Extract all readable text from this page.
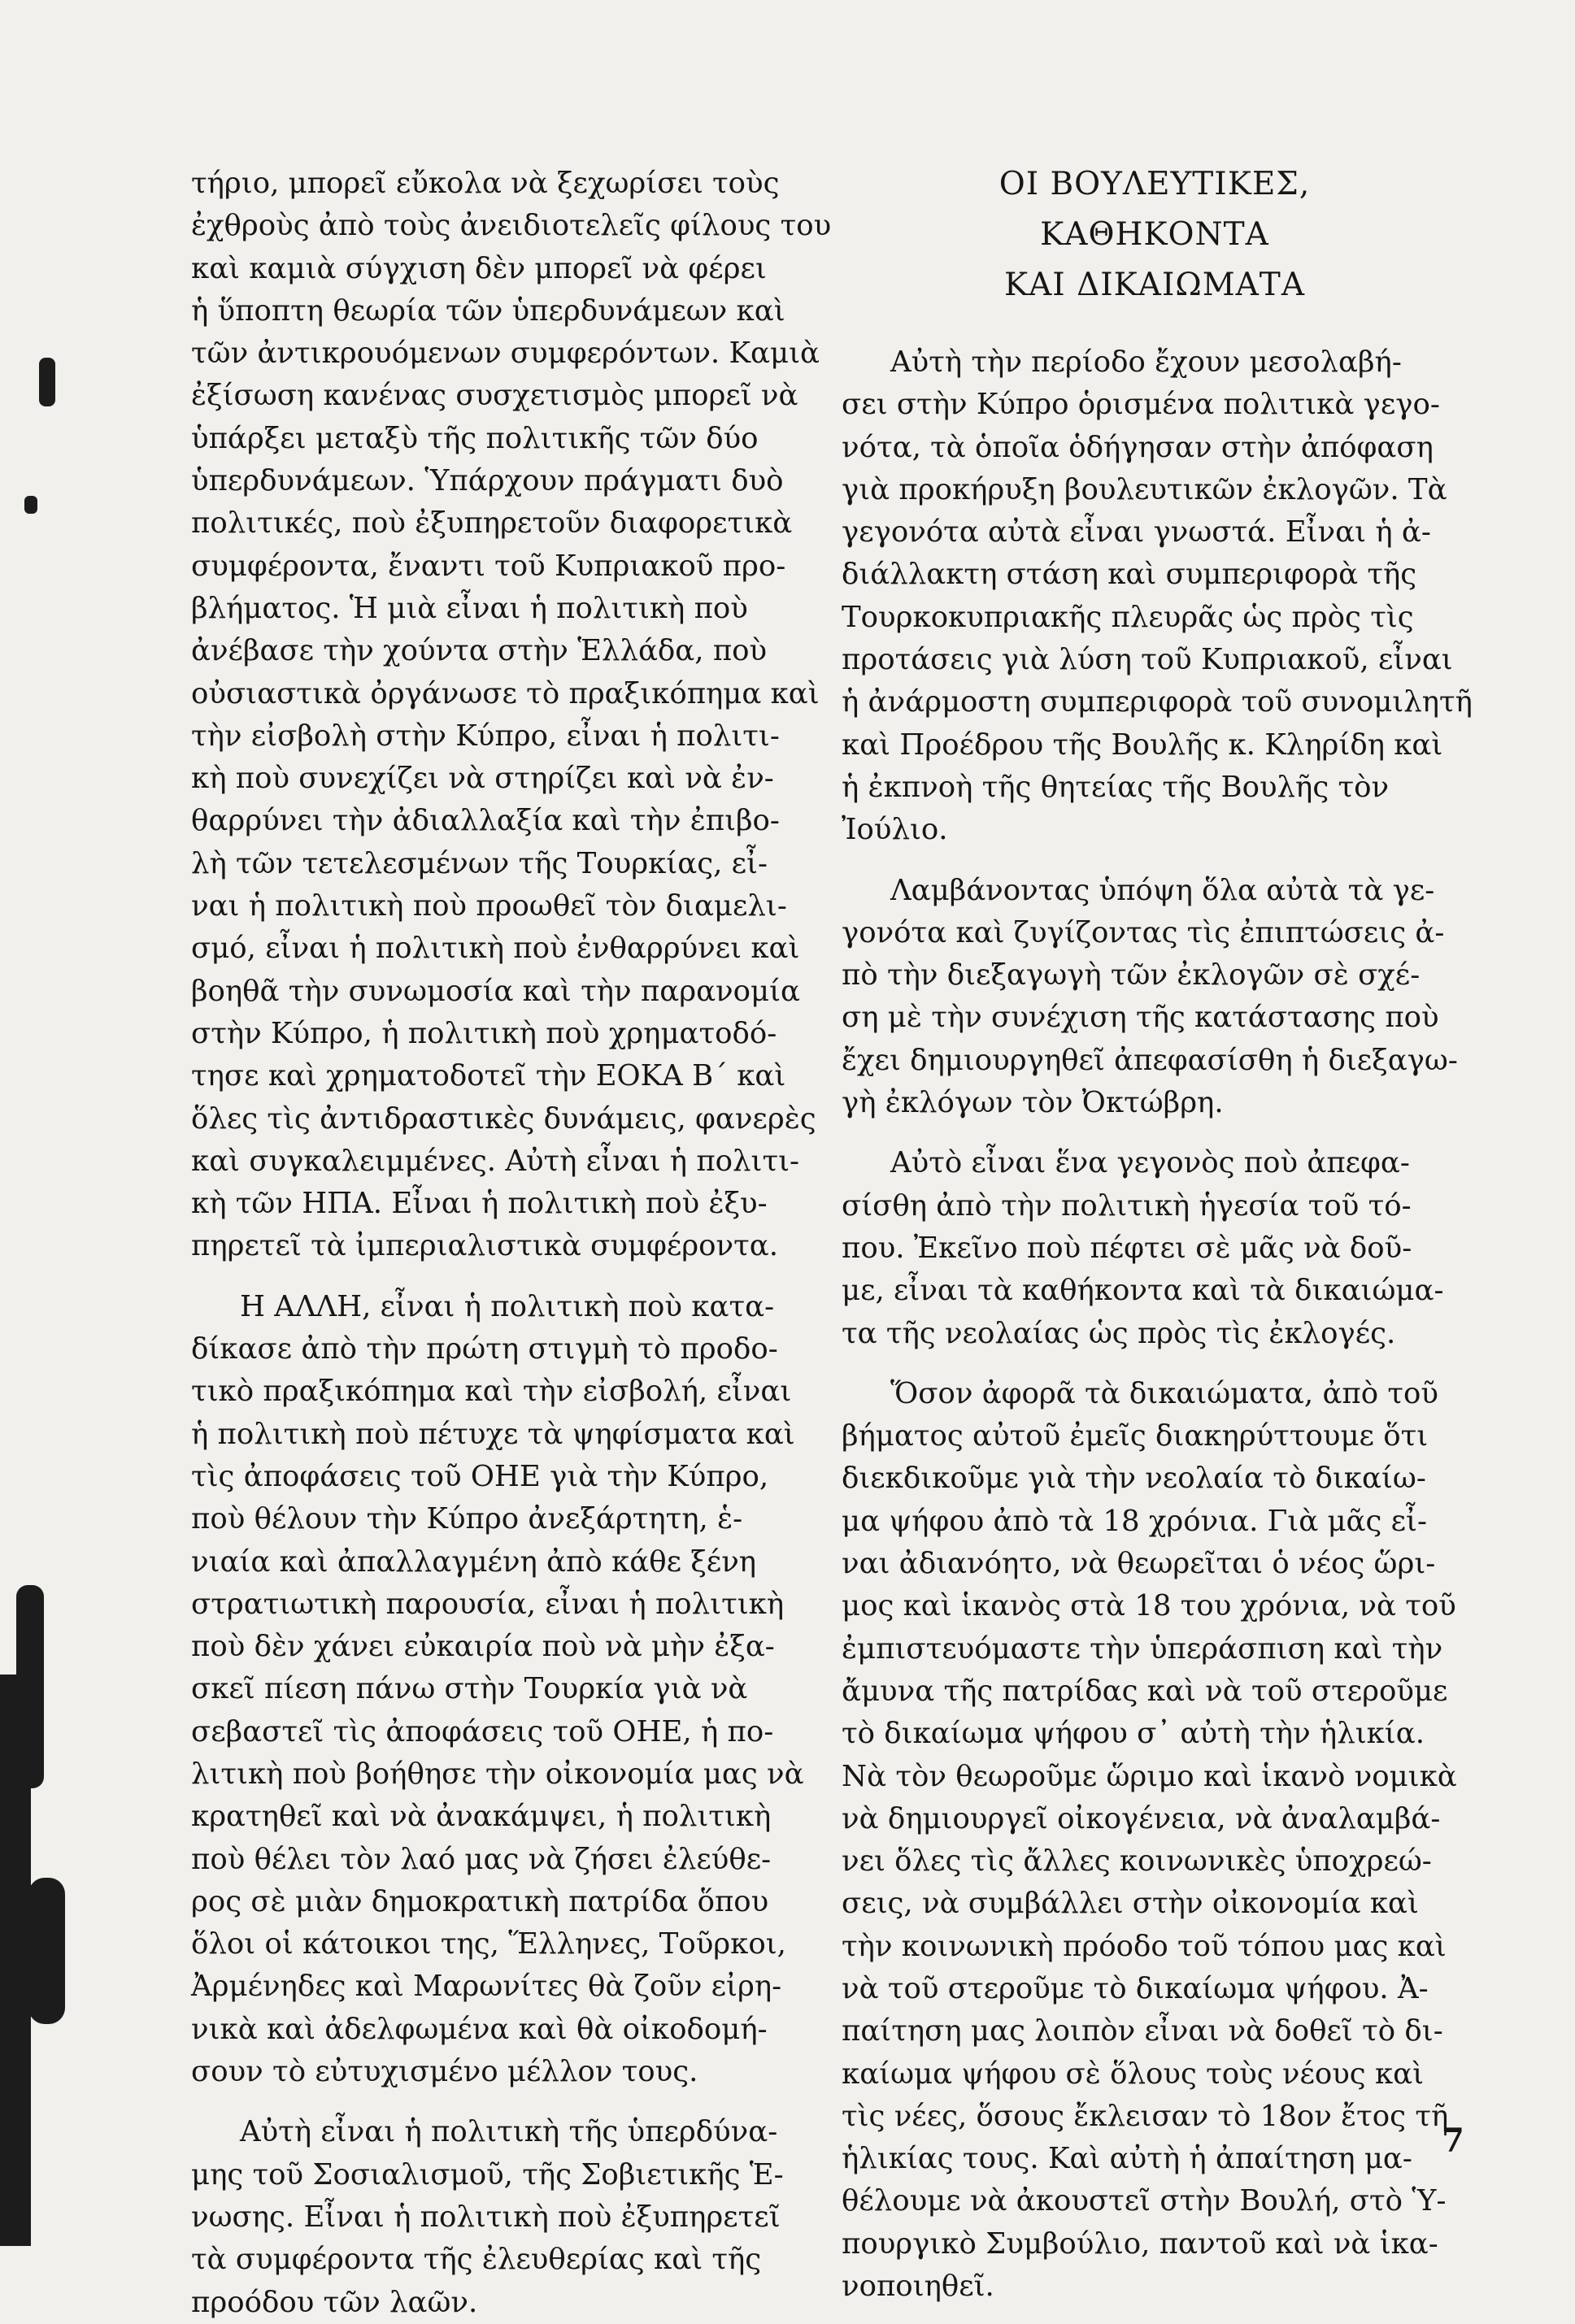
τήριο, μπορεῖ εὔκολα νὰ ξεχωρίσει τοὺς
ἐχθροὺς ἀπὸ τοὺς ἀνειδιοτελεῖς φίλους του
καὶ καμιὰ σύγχιση δὲν μπορεῖ νὰ φέρει
ἡ ὕποπτη θεωρία τῶν ὑπερδυνάμεων καὶ
τῶν ἀντικρουόμενων συμφερόντων. Καμιὰ
ἐξίσωση κανένας συσχετισμὸς μπορεῖ νὰ
ὑπάρξει μεταξὺ τῆς πολιτικῆς τῶν δύο
ὑπερδυνάμεων. Ὑπάρχουν πράγματι δυὸ
πολιτικές, ποὺ ἐξυπηρετοῦν διαφορετικὰ
συμφέροντα, ἔναντι τοῦ Κυπριακοῦ προ-
βλήματος. Ἡ μιὰ εἶναι ἡ πολιτικὴ ποὺ
ἀνέβασε τὴν χούντα στὴν Ἑλλάδα, ποὺ
οὐσιαστικὰ ὀργάνωσε τὸ πραξικόπημα καὶ
τὴν εἰσβολὴ στὴν Κύπρο, εἶναι ἡ πολιτι-
κὴ ποὺ συνεχίζει νὰ στηρίζει καὶ νὰ ἐν-
θαρρύνει τὴν ἀδιαλλαξία καὶ τὴν ἐπιβο-
λὴ τῶν τετελεσμένων τῆς Τουρκίας, εἶ-
ναι ἡ πολιτικὴ ποὺ προωθεῖ τὸν διαμελι-
σμό, εἶναι ἡ πολιτικὴ ποὺ ἐνθαρρύνει καὶ
βοηθᾶ τὴν συνωμοσία καὶ τὴν παρανομία
στὴν Κύπρο, ἡ πολιτικὴ ποὺ χρηματοδό-
τησε καὶ χρηματοδοτεῖ τὴν ΕΟΚΑ Β΄ καὶ
ὅλες τὶς ἀντιδραστικὲς δυνάμεις, φανερὲς
καὶ συγκαλειμμένες. Αὐτὴ εἶναι ἡ πολιτι-
κὴ τῶν ΗΠΑ. Εἶναι ἡ πολιτικὴ ποὺ ἐξυ-
πηρετεῖ τὰ ἰμπεριαλιστικὰ συμφέροντα.
Η ΑΛΛΗ, εἶναι ἡ πολιτικὴ ποὺ κατα-
δίκασε ἀπὸ τὴν πρώτη στιγμὴ τὸ προδο-
τικὸ πραξικόπημα καὶ τὴν εἰσβολή, εἶναι
ἡ πολιτικὴ ποὺ πέτυχε τὰ ψηφίσματα καὶ
τὶς ἀποφάσεις τοῦ ΟΗΕ γιὰ τὴν Κύπρο,
ποὺ θέλουν τὴν Κύπρο ἀνεξάρτητη, ἑ-
νιαία καὶ ἀπαλλαγμένη ἀπὸ κάθε ξένη
στρατιωτικὴ παρουσία, εἶναι ἡ πολιτικὴ
ποὺ δὲν χάνει εὐκαιρία ποὺ νὰ μὴν ἐξα-
σκεῖ πίεση πάνω στὴν Τουρκία γιὰ νὰ
σεβαστεῖ τὶς ἀποφάσεις τοῦ ΟΗΕ, ἡ πο-
λιτικὴ ποὺ βοήθησε τὴν οἰκονομία μας νὰ
κρατηθεῖ καὶ νὰ ἀνακάμψει, ἡ πολιτικὴ
ποὺ θέλει τὸν λαό μας νὰ ζήσει ἐλεύθε-
ρος σὲ μιὰν δημοκρατικὴ πατρίδα ὅπου
ὅλοι οἱ κάτοικοι της, Ἕλληνες, Τοῦρκοι,
Ἀρμένηδες καὶ Μαρωνίτες θὰ ζοῦν εἰρη-
νικὰ καὶ ἀδελφωμένα καὶ θὰ οἰκοδομή-
σουν τὸ εὐτυχισμένο μέλλον τους.
Αὐτὴ εἶναι ἡ πολιτικὴ τῆς ὑπερδύνα-
μης τοῦ Σοσιαλισμοῦ, τῆς Σοβιετικῆς Ἑ-
νωσης. Εἶναι ἡ πολιτικὴ ποὺ ἐξυπηρετεῖ
τὰ συμφέροντα τῆς ἐλευθερίας καὶ τῆς
προόδου τῶν λαῶν.
ΟΙ ΒΟΥΛΕΥΤΙΚΕΣ,
ΚΑΘΗΚΟΝΤΑ
ΚΑΙ ΔΙΚΑΙΩΜΑΤΑ
Αὐτὴ τὴν περίοδο ἔχουν μεσολαβή-
σει στὴν Κύπρο ὁρισμένα πολιτικὰ γεγο-
νότα, τὰ ὁποῖα ὁδήγησαν στὴν ἀπόφαση
γιὰ προκήρυξη βουλευτικῶν ἐκλογῶν. Τὰ
γεγονότα αὐτὰ εἶναι γνωστά. Εἶναι ἡ ἀ-
διάλλακτη στάση καὶ συμπεριφορὰ τῆς
Τουρκοκυπριακῆς πλευρᾶς ὡς πρὸς τὶς
προτάσεις γιὰ λύση τοῦ Κυπριακοῦ, εἶναι
ἡ ἀνάρμοστη συμπεριφορὰ τοῦ συνομιλητῆ
καὶ Προέδρου τῆς Βουλῆς κ. Κληρίδη καὶ
ἡ ἐκπνοὴ τῆς θητείας τῆς Βουλῆς τὸν
Ἰούλιο.
Λαμβάνοντας ὑπόψη ὅλα αὐτὰ τὰ γε-
γονότα καὶ ζυγίζοντας τὶς ἐπιπτώσεις ἀ-
πὸ τὴν διεξαγωγὴ τῶν ἐκλογῶν σὲ σχέ-
ση μὲ τὴν συνέχιση τῆς κατάστασης ποὺ
ἔχει δημιουργηθεῖ ἀπεφασίσθη ἡ διεξαγω-
γὴ ἐκλόγων τὸν Ὀκτώβρη.
Αὐτὸ εἶναι ἕνα γεγονὸς ποὺ ἀπεφα-
σίσθη ἀπὸ τὴν πολιτικὴ ἡγεσία τοῦ τό-
που. Ἐκεῖνο ποὺ πέφτει σὲ μᾶς νὰ δοῦ-
με, εἶναι τὰ καθήκοντα καὶ τὰ δικαιώμα-
τα τῆς νεολαίας ὡς πρὸς τὶς ἐκλογές.
Ὅσον ἀφορᾶ τὰ δικαιώματα, ἀπὸ τοῦ
βήματος αὐτοῦ ἐμεῖς διακηρύττουμε ὅτι
διεκδικοῦμε γιὰ τὴν νεολαία τὸ δικαίω-
μα ψήφου ἀπὸ τὰ 18 χρόνια. Γιὰ μᾶς εἶ-
ναι ἀδιανόητο, νὰ θεωρεῖται ὁ νέος ὥρι-
μος καὶ ἱκανὸς στὰ 18 του χρόνια, νὰ τοῦ
ἐμπιστευόμαστε τὴν ὑπεράσπιση καὶ τὴν
ἄμυνα τῆς πατρίδας καὶ νὰ τοῦ στεροῦμε
τὸ δικαίωμα ψήφου σ᾽ αὐτὴ τὴν ἡλικία.
Νὰ τὸν θεωροῦμε ὥριμο καὶ ἱκανὸ νομικὰ
νὰ δημιουργεῖ οἰκογένεια, νὰ ἀναλαμβά-
νει ὅλες τὶς ἄλλες κοινωνικὲς ὑποχρεώ-
σεις, νὰ συμβάλλει στὴν οἰκονομία καὶ
τὴν κοινωνικὴ πρόοδο τοῦ τόπου μας καὶ
νὰ τοῦ στεροῦμε τὸ δικαίωμα ψήφου. Ἀ-
παίτηση μας λοιπὸν εἶναι νὰ δοθεῖ τὸ δι-
καίωμα ψήφου σὲ ὅλους τοὺς νέους καὶ
τὶς νέες, ὅσους ἔκλεισαν τὸ 18ον ἔτος τῆ
ἡλικίας τους. Καὶ αὐτὴ ἡ ἀπαίτηση μα-
θέλουμε νὰ ἀκουστεῖ στὴν Βουλή, στὸ Ὑ-
πουργικὸ Συμβούλιο, παντοῦ καὶ νὰ ἱκα-
νοποιηθεῖ.
7
